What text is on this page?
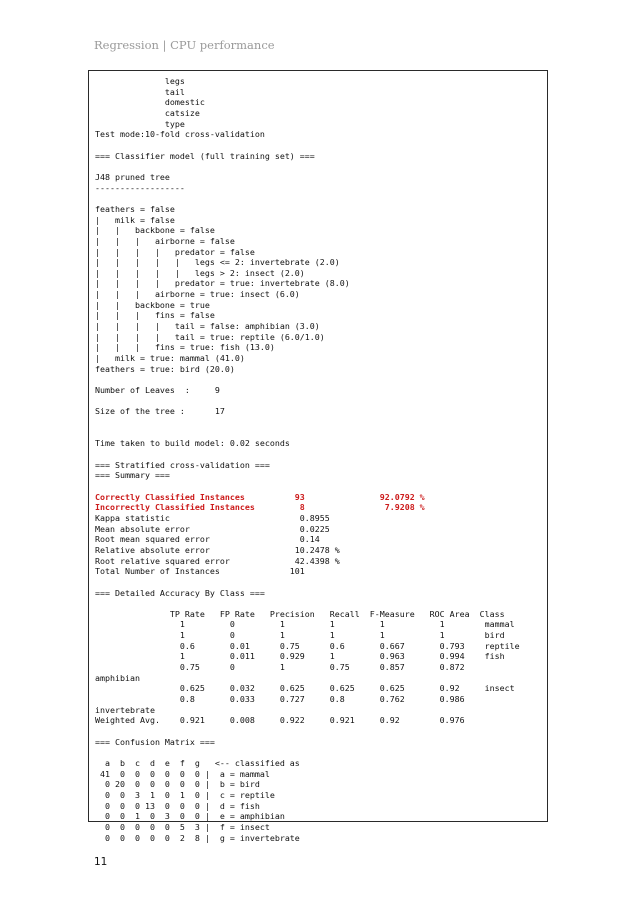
Regression | CPU performance
legs
tail
domestic
catsize
type
Test mode:10-fold cross-validation
=== Classifier model (full training set) ===
J48 pruned tree
------------------
feathers = false
|   milk = false
|   |   backbone = false
|   |   |   airborne = false
|   |   |   |   predator = false
|   |   |   |   |   legs <= 2: invertebrate (2.0)
|   |   |   |   |   legs > 2: insect (2.0)
|   |   |   |   predator = true: invertebrate (8.0)
|   |   |   airborne = true: insect (6.0)
|   |   backbone = true
|   |   |   fins = false
|   |   |   |   tail = false: amphibian (3.0)
|   |   |   |   tail = true: reptile (6.0/1.0)
|   |   |   fins = true: fish (13.0)
|   milk = true: mammal (41.0)
feathers = true: bird (20.0)
Number of Leaves  :     9
Size of the tree :      17
Time taken to build model: 0.02 seconds
=== Stratified cross-validation ===
=== Summary ===
Correctly Classified Instances          93               92.0792 %
Incorrectly Classified Instances         8                7.9208 %
Kappa statistic                          0.8955
Mean absolute error                      0.0225
Root mean squared error                  0.14
Relative absolute error                 10.2478 %
Root relative squared error             42.4398 %
Total Number of Instances              101
=== Detailed Accuracy By Class ===
TP Rate   FP Rate   Precision   Recall  F-Measure   ROC Area  Class
1         0         1         1         1           1        mammal
1         0         1         1         1           1        bird
0.6       0.01      0.75      0.6       0.667       0.793    reptile
1         0.011     0.929     1         0.963       0.994    fish
0.75      0         1         0.75      0.857       0.872
amphibian
0.625     0.032     0.625     0.625     0.625       0.92     insect
0.8       0.033     0.727     0.8       0.762       0.986
invertebrate
Weighted Avg.    0.921     0.008     0.922     0.921     0.92        0.976
=== Confusion Matrix ===
a  b  c  d  e  f  g   <-- classified as
41  0  0  0  0  0  0 |  a = mammal
0 20  0  0  0  0  0 |  b = bird
0  0  3  1  0  1  0 |  c = reptile
0  0  0 13  0  0  0 |  d = fish
0  0  1  0  3  0  0 |  e = amphibian
0  0  0  0  0  5  3 |  f = insect
0  0  0  0  0  2  8 |  g = invertebrate
11
